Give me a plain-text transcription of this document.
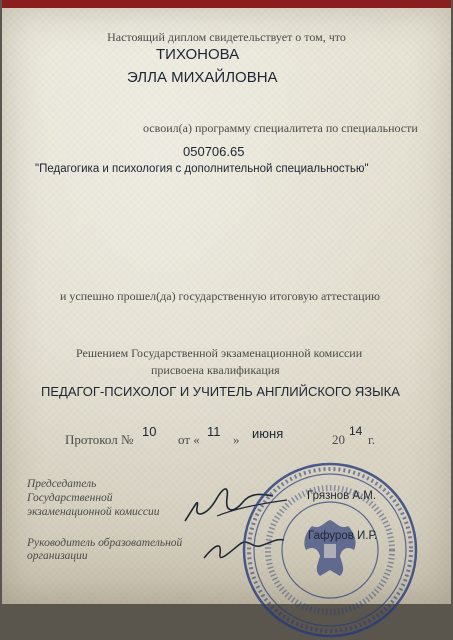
Настоящий диплом свидетельствует о том, что
ТИХОНОВА
ЭЛЛА МИХАЙЛОВНА
освоил(а) программу специалитета по специальности
050706.65
"Педагогика и психология с дополнительной специальностью"
и успешно прошел(да) государственную итоговую аттестацию
Решением Государственной экзаменационной комиссии
присвоена квалификация
ПЕДАГОГ-ПСИХОЛОГ И УЧИТЕЛЬ АНГЛИЙСКОГО ЯЗЫКА
Протокол №
10
от «
11
» июня	20
14
г.
Председатель
Государственной
экзаменационной комиссии
Руководитель образовательной
организации
Грязнов А.М.
Гафуров И.Р.
